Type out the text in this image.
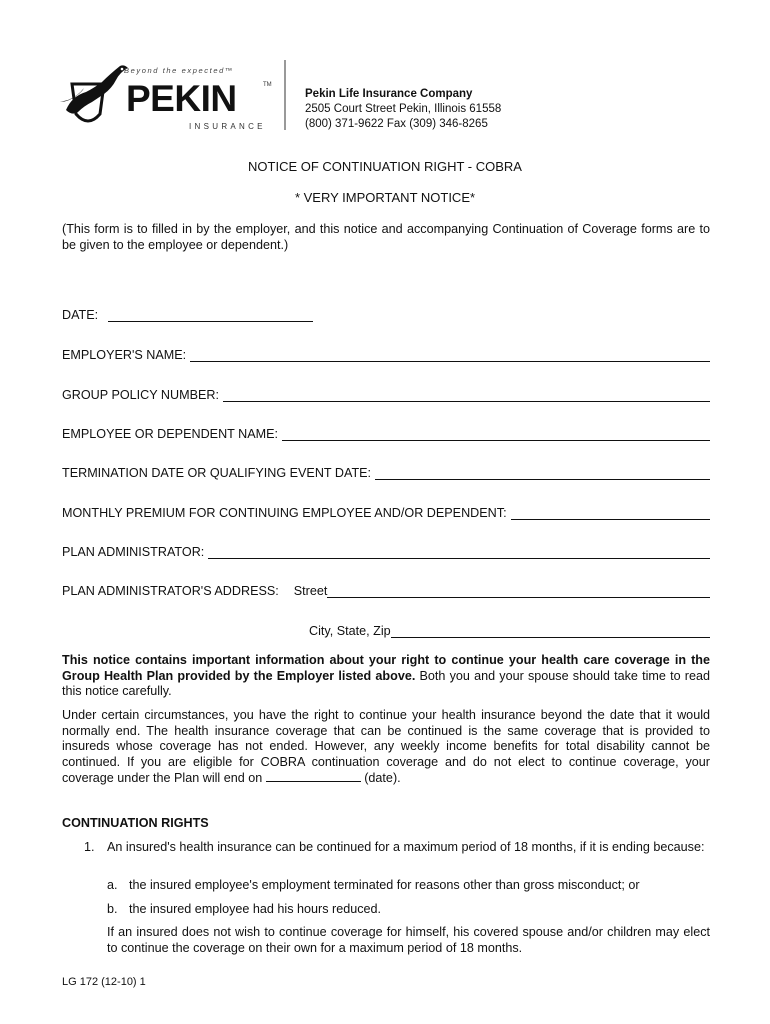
Beyond the expected™
PEKIN	TM
INSURANCE
Pekin Life Insurance Company
2505 Court Street Pekin, Illinois 61558
(800) 371-9622 Fax (309) 346-8265
NOTICE OF CONTINUATION RIGHT - COBRA
* VERY IMPORTANT NOTICE*
(This form is to filled in by the employer, and this notice and accompanying Continuation of Coverage forms are to be given to the employee or dependent.)
DATE:
EMPLOYER'S NAME:
GROUP POLICY NUMBER:
EMPLOYEE OR DEPENDENT NAME:
TERMINATION DATE OR QUALIFYING EVENT DATE:
MONTHLY PREMIUM FOR CONTINUING EMPLOYEE AND/OR DEPENDENT:
PLAN ADMINISTRATOR:
PLAN ADMINISTRATOR'S ADDRESS: Street
City, State, Zip
This notice contains important information about your right to continue your health care coverage in the Group Health Plan provided by the Employer listed above. Both you and your spouse should take time to read this notice carefully.
Under certain circumstances, you have the right to continue your health insurance beyond the date that it would normally end. The health insurance coverage that can be continued is the same coverage that is provided to insureds whose coverage has not ended. However, any weekly income benefits for total disability cannot be continued. If you are eligible for COBRA continuation coverage and do not elect to continue coverage, your coverage under the Plan will end on	(date).
CONTINUATION RIGHTS
1. An insured's health insurance can be continued for a maximum period of 18 months, if it is ending because:
a. the insured employee's employment terminated for reasons other than gross misconduct; or
b. the insured employee had his hours reduced.
If an insured does not wish to continue coverage for himself, his covered spouse and/or children may elect to continue the coverage on their own for a maximum period of 18 months.
LG 172 (12-10) 1
